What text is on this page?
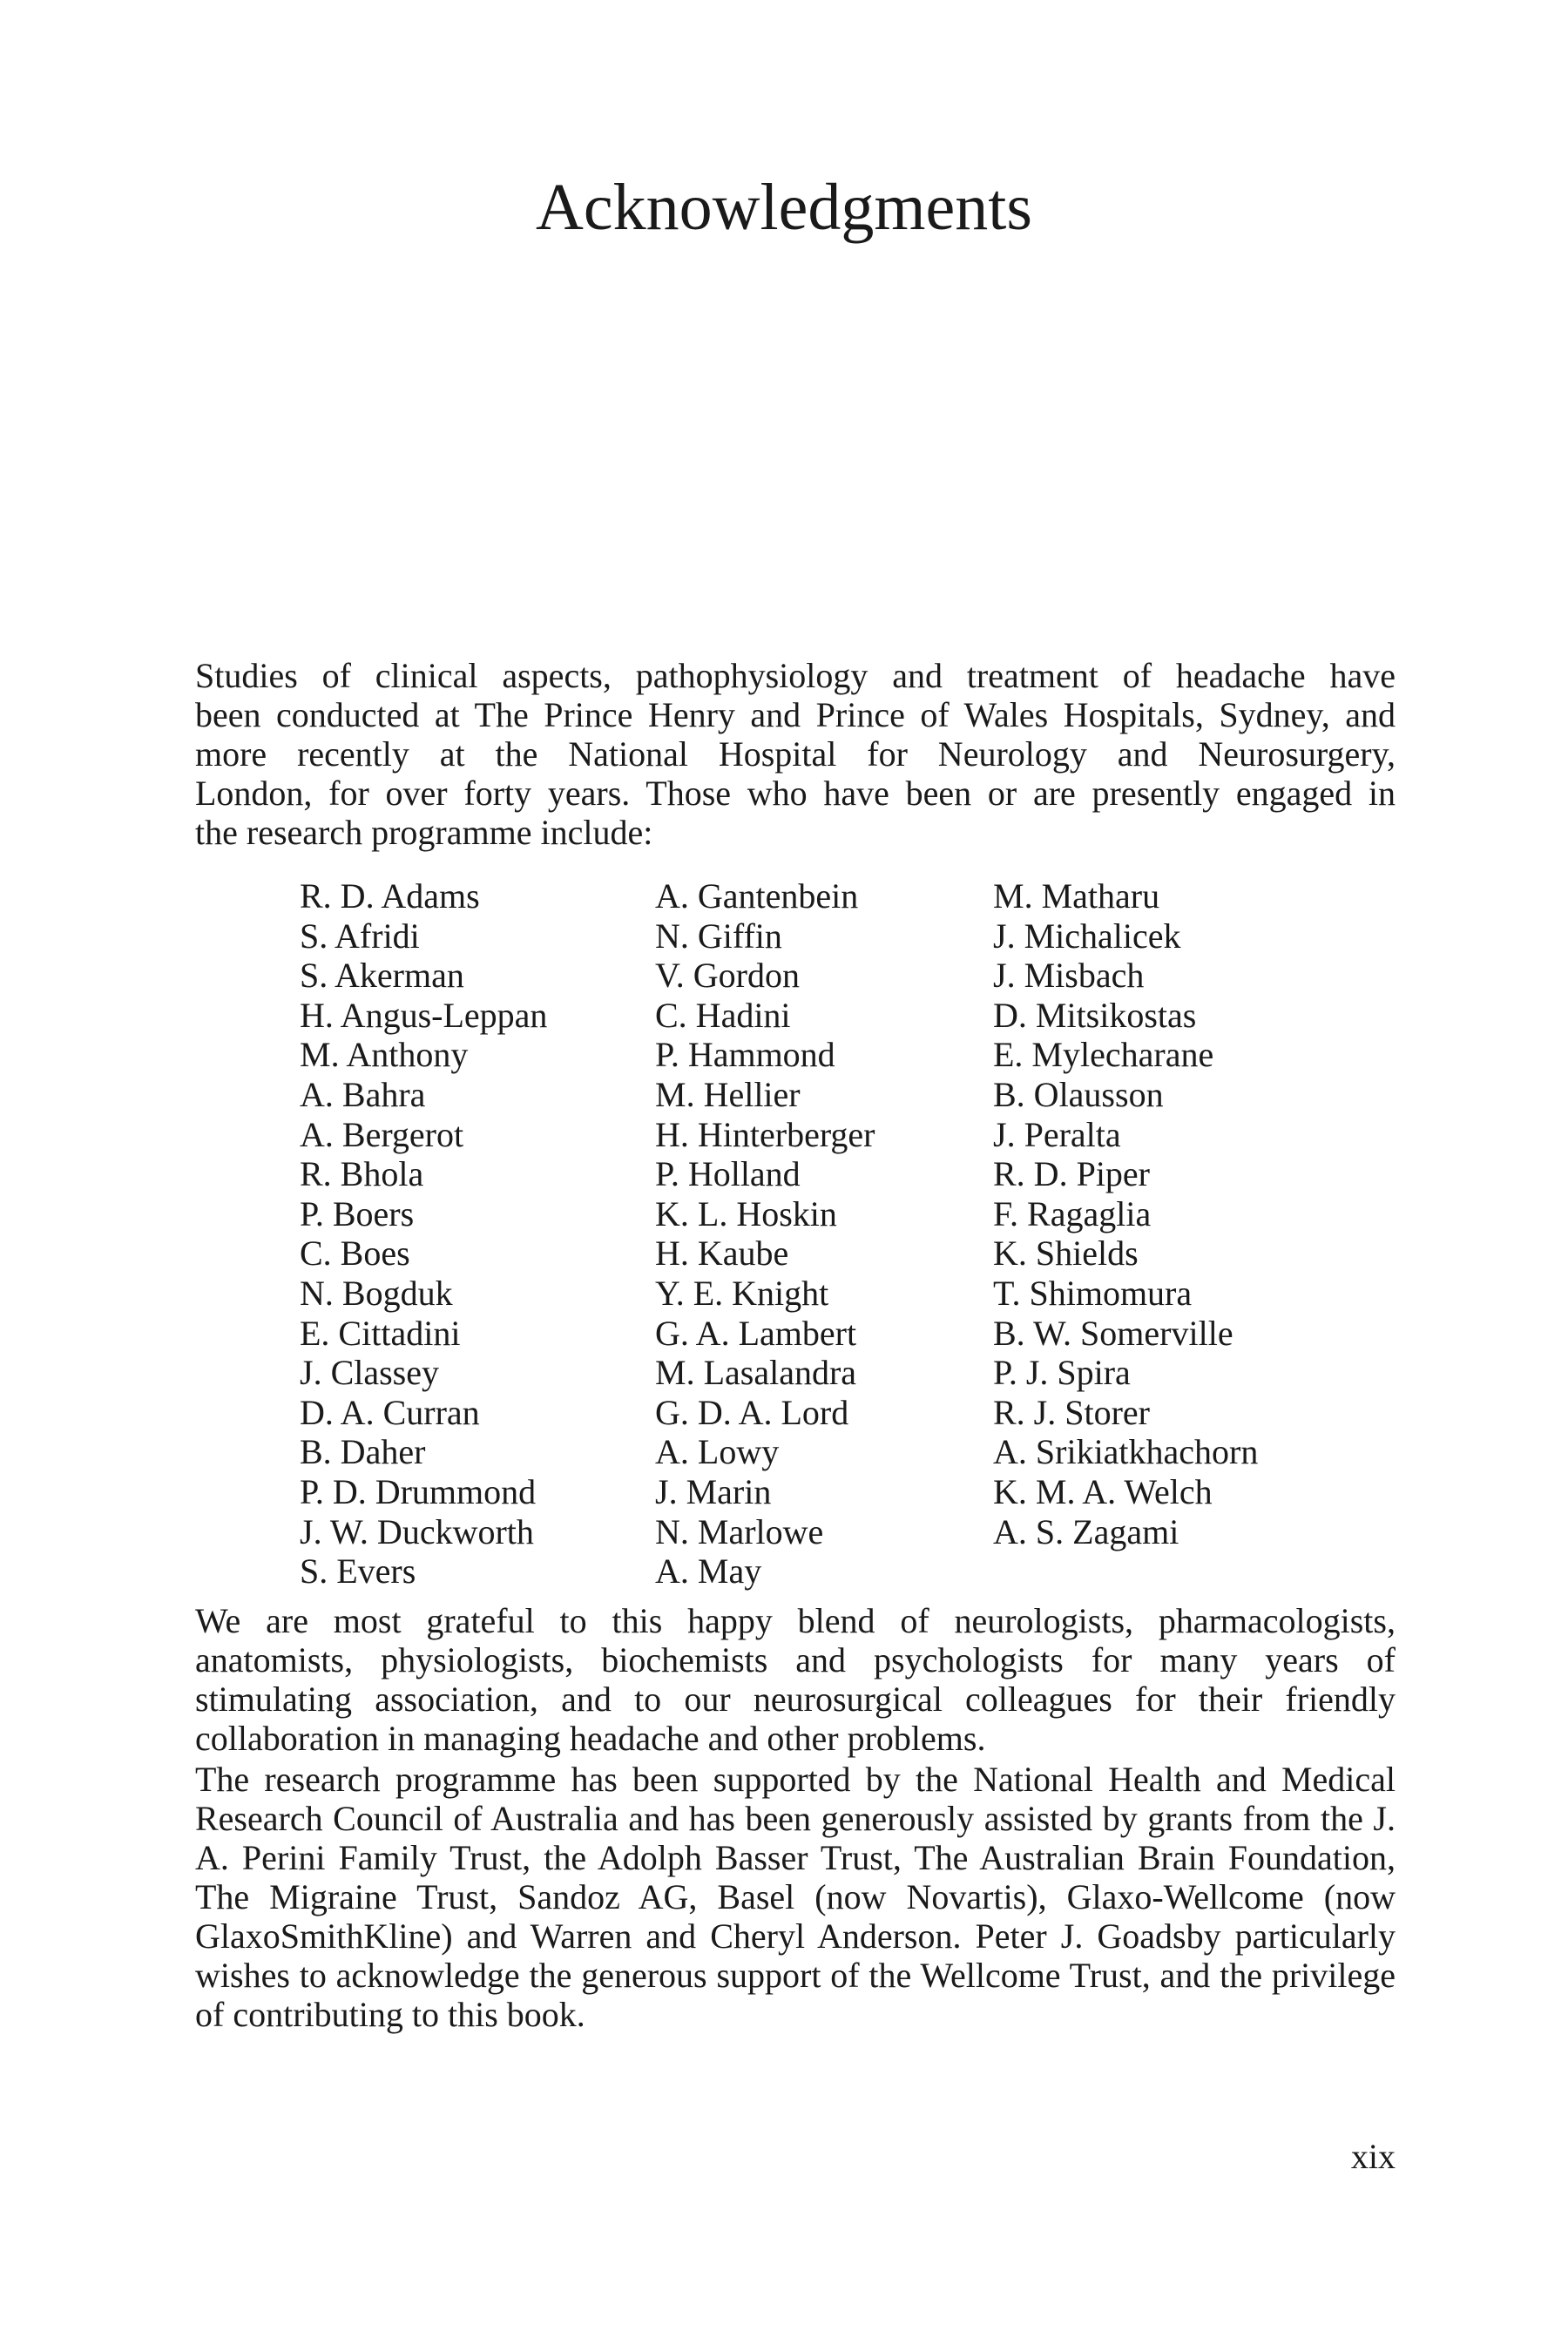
Acknowledgments
Studies of clinical aspects, pathophysiology and treatment of headache have
been conducted at The Prince Henry and Prince of Wales Hospitals, Sydney, and
more recently at the National Hospital for Neurology and Neurosurgery,
London, for over forty years. Those who have been or are presently engaged in
the research programme include:
R. D. Adams
S. Afridi
S. Akerman
H. Angus-Leppan
M. Anthony
A. Bahra
A. Bergerot
R. Bhola
P. Boers
C. Boes
N. Bogduk
E. Cittadini
J. Classey
D. A. Curran
B. Daher
P. D. Drummond
J. W. Duckworth
S. Evers
A. Gantenbein
N. Giffin
V. Gordon
C. Hadini
P. Hammond
M. Hellier
H. Hinterberger
P. Holland
K. L. Hoskin
H. Kaube
Y. E. Knight
G. A. Lambert
M. Lasalandra
G. D. A. Lord
A. Lowy
J. Marin
N. Marlowe
A. May
M. Matharu
J. Michalicek
J. Misbach
D. Mitsikostas
E. Mylecharane
B. Olausson
J. Peralta
R. D. Piper
F. Ragaglia
K. Shields
T. Shimomura
B. W. Somerville
P. J. Spira
R. J. Storer
A. Srikiatkhachorn
K. M. A. Welch
A. S. Zagami

We are most grateful to this happy blend of neurologists, pharmacologists, anatomists, physiologists, biochemists and psychologists for many years of stimulating association, and to our neurosurgical colleagues for their friendly collaboration in managing headache and other problems.

The research programme has been supported by the National Health and Medical Research Council of Australia and has been generously assisted by grants from the J. A. Perini Family Trust, the Adolph Basser Trust, The Australian Brain Foundation, The Migraine Trust, Sandoz AG, Basel (now Novartis), Glaxo-Wellcome (now GlaxoSmithKline) and Warren and Cheryl Anderson. Peter J. Goadsby particularly wishes to acknowledge the generous support of the Wellcome Trust, and the privilege of contributing to this book.

xix
